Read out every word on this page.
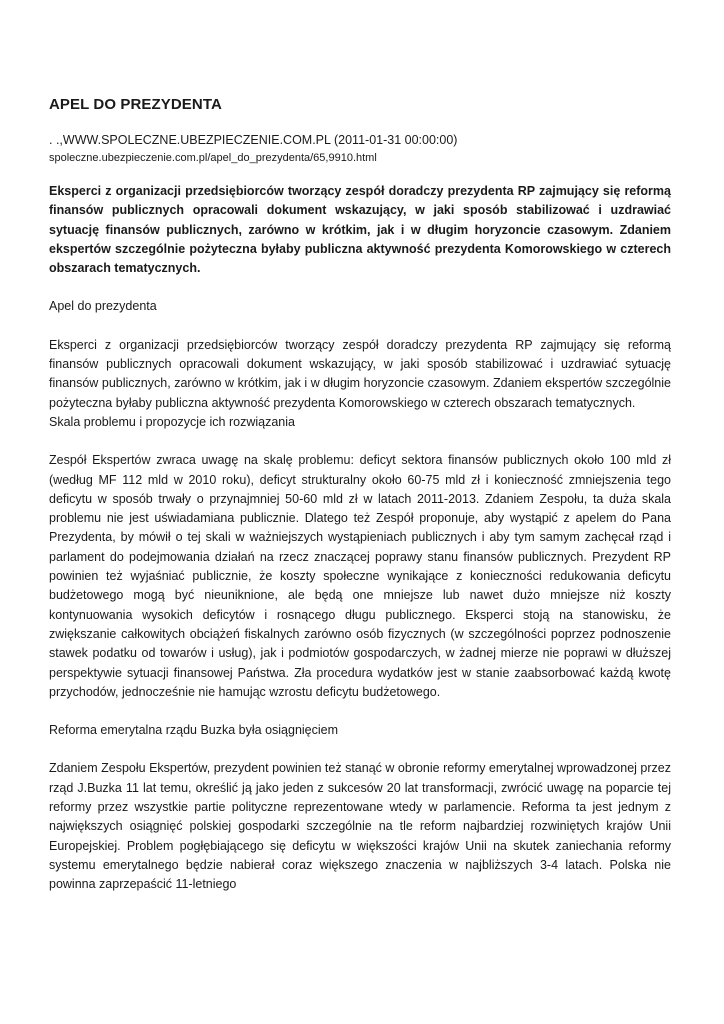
APEL DO PREZYDENTA

. .,WWW.SPOLECZNE.UBEZPIECZENIE.COM.PL (2011-01-31 00:00:00)

spoleczne.ubezpieczenie.com.pl/apel_do_prezydenta/65,9910.html

Eksperci z organizacji przedsiębiorców tworzący zespół doradczy prezydenta RP zajmujący się reformą finansów publicznych opracowali dokument wskazujący, w jaki sposób stabilizować i uzdrawiać sytuację finansów publicznych, zarówno w krótkim, jak i w długim horyzoncie czasowym. Zdaniem ekspertów szczególnie pożyteczna byłaby publiczna aktywność prezydenta Komorowskiego w czterech obszarach tematycznych.

Apel do prezydenta

Eksperci z organizacji przedsiębiorców tworzący zespół doradczy prezydenta RP zajmujący się reformą finansów publicznych opracowali dokument wskazujący, w jaki sposób stabilizować i uzdrawiać sytuację finansów publicznych, zarówno w krótkim, jak i w długim horyzoncie czasowym. Zdaniem ekspertów szczególnie pożyteczna byłaby publiczna aktywność prezydenta Komorowskiego w czterech obszarach tematycznych.

Skala problemu i propozycje ich rozwiązania

Zespół Ekspertów zwraca uwagę na skalę problemu: deficyt sektora finansów publicznych około 100 mld zł (według MF 112 mld w 2010 roku), deficyt strukturalny około 60-75 mld zł i konieczność zmniejszenia tego deficytu w sposób trwały o przynajmniej 50-60 mld zł w latach 2011-2013. Zdaniem Zespołu, ta duża skala problemu nie jest uświadamiana publicznie. Dlatego też Zespół proponuje, aby wystąpić z apelem do Pana Prezydenta, by mówił o tej skali w ważniejszych wystąpieniach publicznych i aby tym samym zachęcał rząd i parlament do podejmowania działań na rzecz znaczącej poprawy stanu finansów publicznych. Prezydent RP powinien też wyjaśniać publicznie, że koszty społeczne wynikające z konieczności redukowania deficytu budżetowego mogą być nieuniknione, ale będą one mniejsze lub nawet dużo mniejsze niż koszty kontynuowania wysokich deficytów i rosnącego długu publicznego. Eksperci stoją na stanowisku, że zwiększanie całkowitych obciążeń fiskalnych zarówno osób fizycznych (w szczególności poprzez podnoszenie stawek podatku od towarów i usług), jak i podmiotów gospodarczych, w żadnej mierze nie poprawi w dłuższej perspektywie sytuacji finansowej Państwa. Zła procedura wydatków jest w stanie zaabsorbować każdą kwotę przychodów, jednocześnie nie hamując wzrostu deficytu budżetowego.

Reforma emerytalna rządu Buzka była osiągnięciem

Zdaniem Zespołu Ekspertów, prezydent powinien też stanąć w obronie reformy emerytalnej wprowadzonej przez rząd J.Buzka 11 lat temu, określić ją jako jeden z sukcesów 20 lat transformacji, zwrócić uwagę na poparcie tej reformy przez wszystkie partie polityczne reprezentowane wtedy w parlamencie. Reforma ta jest jednym z największych osiągnięć polskiej gospodarki szczególnie na tle reform najbardziej rozwiniętych krajów Unii Europejskiej. Problem pogłębiającego się deficytu w większości krajów Unii na skutek zaniechania reformy systemu emerytalnego będzie nabierał coraz większego znaczenia w najbliższych 3-4 latach. Polska nie powinna zaprzepaścić 11-letniego
